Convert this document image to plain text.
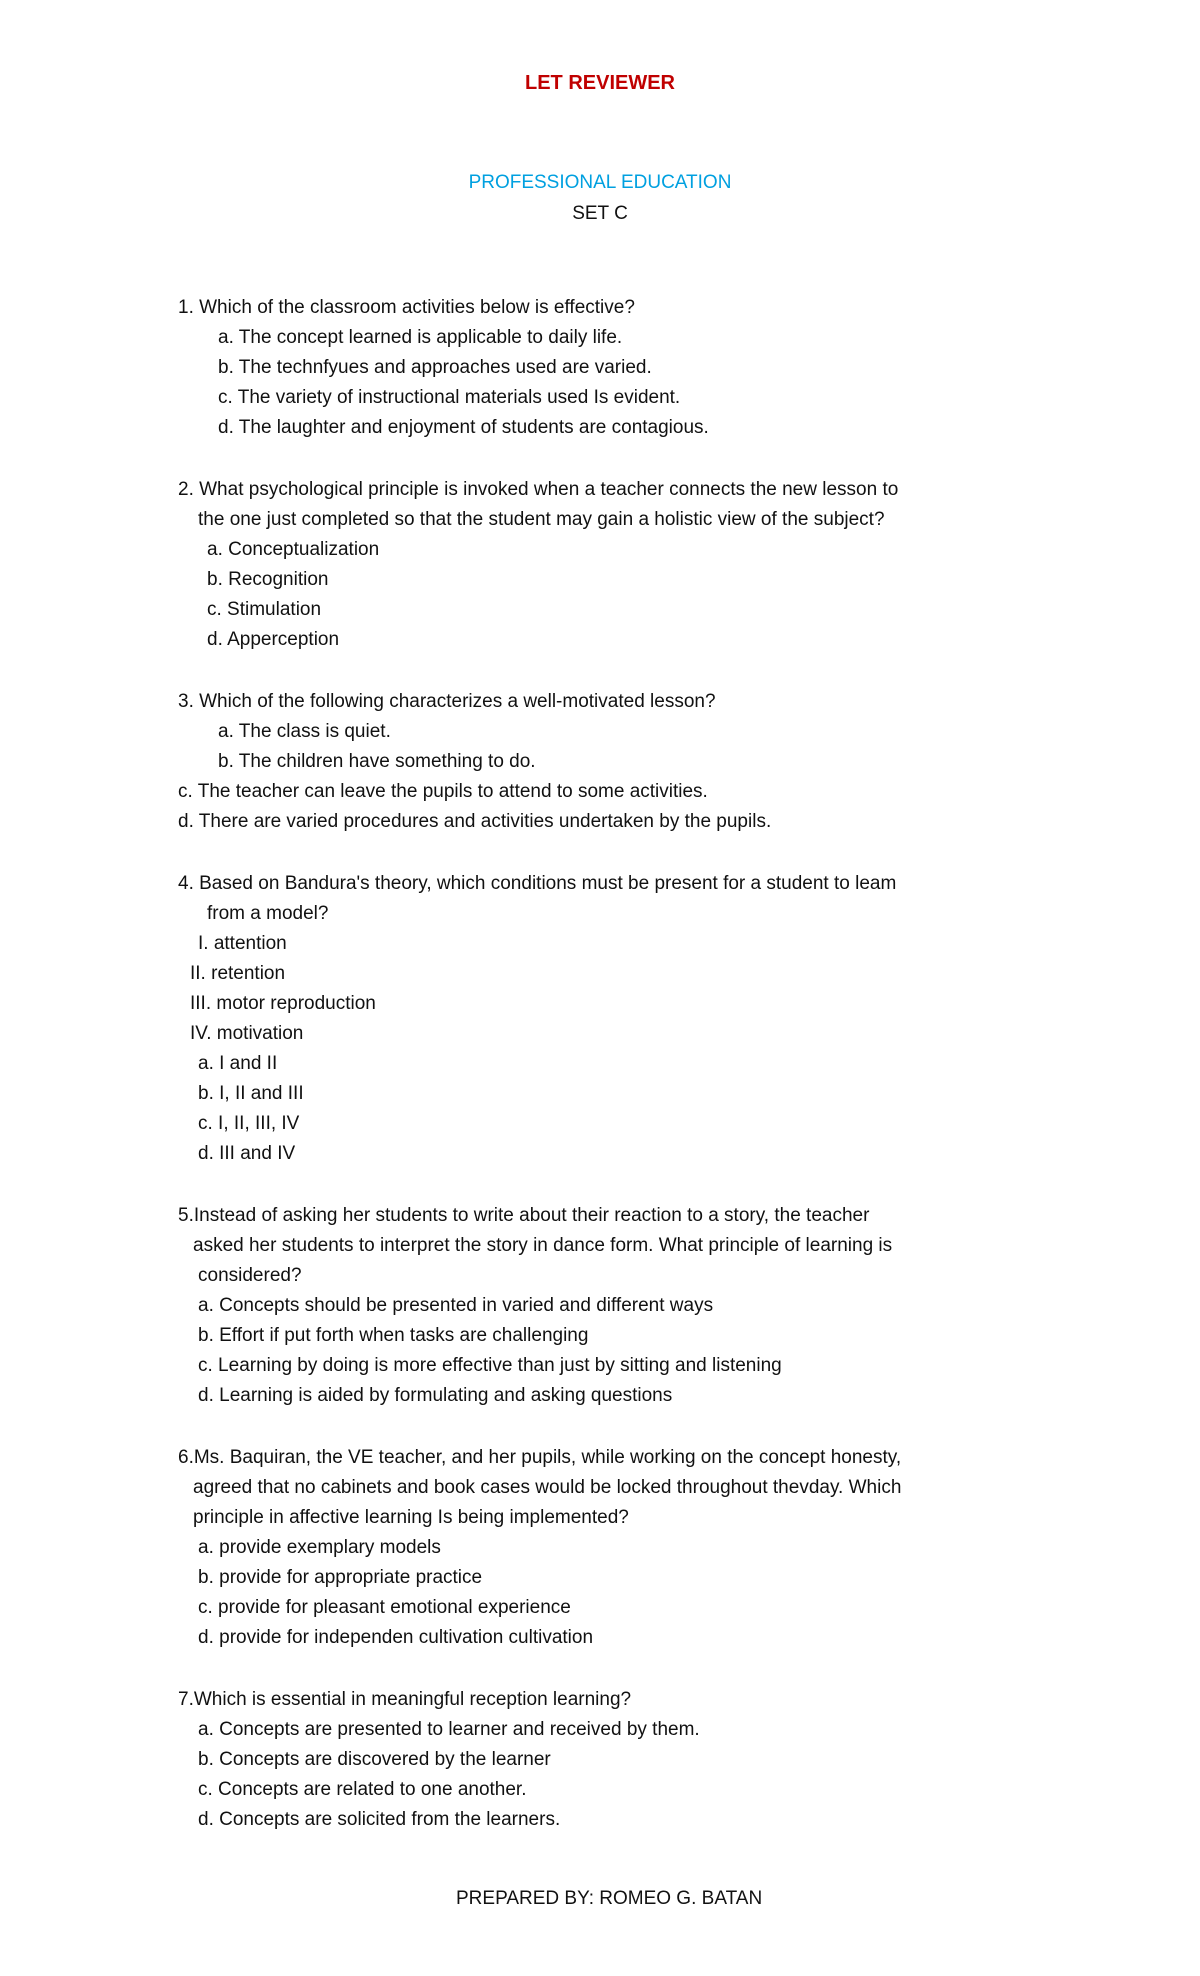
LET REVIEWER
PROFESSIONAL EDUCATION
SET C
1. Which of the classroom activities below is effective?
a. The concept learned is applicable to daily life.
b. The technfyues and approaches used are varied.
c. The variety of instructional materials used Is evident.
d. The laughter and enjoyment of students are contagious.
2. What psychological principle is invoked when a teacher connects the new lesson to
the one just completed so that the student may gain a holistic view of the subject?
a. Conceptualization
b. Recognition
c. Stimulation
d. Apperception
3. Which of the following characterizes a well-motivated lesson?
a. The class is quiet.
b. The children have something to do.
c. The teacher can leave the pupils to attend to some activities.
d. There are varied procedures and activities undertaken by the pupils.
4. Based on Bandura's theory, which conditions must be present for a student to leam
from a model?
I. attention
II. retention
III. motor reproduction
IV. motivation
a. I and II
b. I, II and III
c. I, II, III, IV
d. III and IV
5.Instead of asking her students to write about their reaction to a story, the teacher
asked her students to interpret the story in dance form. What principle of learning is
considered?
a. Concepts should be presented in varied and different ways
b. Effort if put forth when tasks are challenging
c. Learning by doing is more effective than just by sitting and listening
d. Learning is aided by formulating and asking questions
6.Ms. Baquiran, the VE teacher, and her pupils, while working on the concept honesty,
agreed that no cabinets and book cases would be locked throughout thevday. Which
principle in affective learning Is being implemented?
a. provide exemplary models
b. provide for appropriate practice
c. provide for pleasant emotional experience
d. provide for independen cultivation cultivation
7.Which is essential in meaningful reception learning?
a. Concepts are presented to learner and received by them.
b. Concepts are discovered by the learner
c. Concepts are related to one another.
d. Concepts are solicited from the learners.
PREPARED BY: ROMEO G. BATAN
